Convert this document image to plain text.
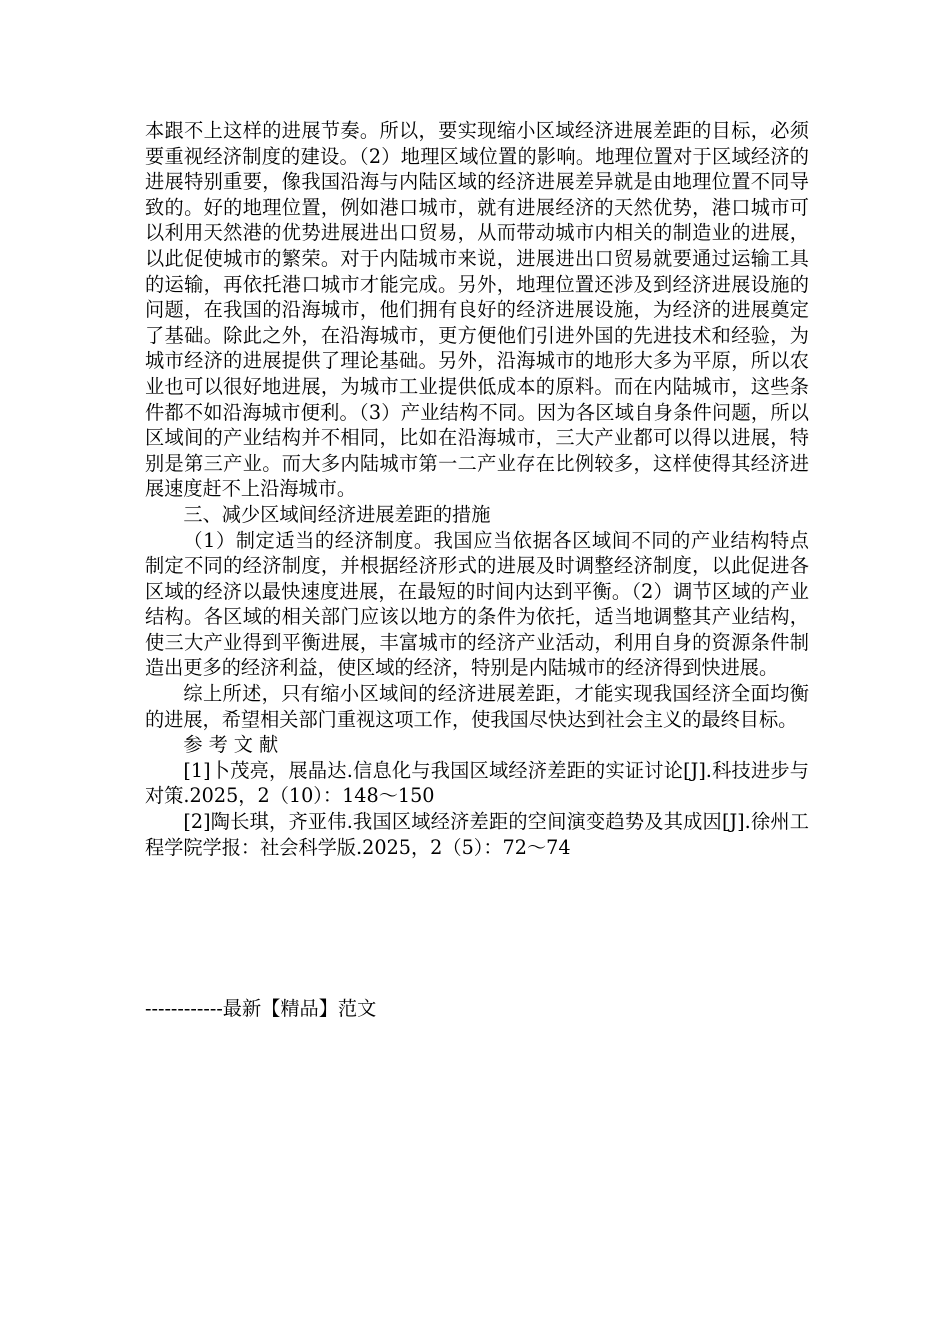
本跟不上这样的进展节奏。所以，要实现缩小区域经济进展差距的目标，必须要重视经济制度的建设。（2）地理区域位置的影响。地理位置对于区域经济的进展特别重要，像我国沿海与内陆区域的经济进展差异就是由地理位置不同导致的。好的地理位置，例如港口城市，就有进展经济的天然优势，港口城市可以利用天然港的优势进展进出口贸易，从而带动城市内相关的制造业的进展，以此促使城市的繁荣。对于内陆城市来说，进展进出口贸易就要通过运输工具的运输，再依托港口城市才能完成。另外，地理位置还涉及到经济进展设施的问题，在我国的沿海城市，他们拥有良好的经济进展设施，为经济的进展奠定了基础。除此之外，在沿海城市，更方便他们引进外国的先进技术和经验，为城市经济的进展提供了理论基础。另外，沿海城市的地形大多为平原，所以农业也可以很好地进展，为城市工业提供低成本的原料。而在内陆城市，这些条件都不如沿海城市便利。（3）产业结构不同。因为各区域自身条件问题，所以区域间的产业结构并不相同，比如在沿海城市，三大产业都可以得以进展，特别是第三产业。而大多内陆城市第一二产业存在比例较多，这样使得其经济进展速度赶不上沿海城市。

三、减少区域间经济进展差距的措施

（1）制定适当的经济制度。我国应当依据各区域间不同的产业结构特点制定不同的经济制度，并根据经济形式的进展及时调整经济制度，以此促进各区域的经济以最快速度进展，在最短的时间内达到平衡。（2）调节区域的产业结构。各区域的相关部门应该以地方的条件为依托，适当地调整其产业结构，使三大产业得到平衡进展，丰富城市的经济产业活动，利用自身的资源条件制造出更多的经济利益，使区域的经济，特别是内陆城市的经济得到快进展。

综上所述，只有缩小区域间的经济进展差距，才能实现我国经济全面均衡的进展，希望相关部门重视这项工作，使我国尽快达到社会主义的最终目标。

参考文献

[1]卜茂亮，展晶达.信息化与我国区域经济差距的实证讨论[J].科技进步与对策.2025，2（10）：148～150

[2]陶长琪，齐亚伟.我国区域经济差距的空间演变趋势及其成因[J].徐州工程学院学报：社会科学版.2025，2（5）：72～74

------------最新【精品】范文
